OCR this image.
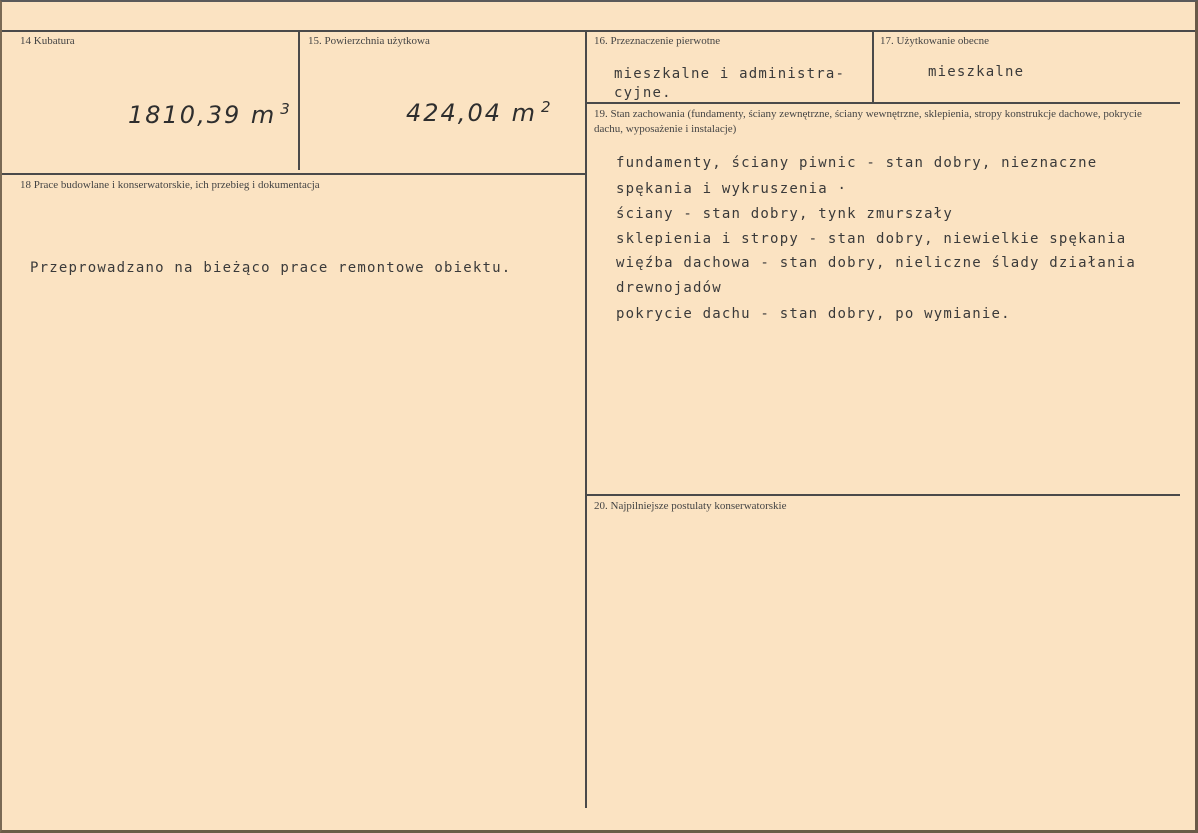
14 Kubatura
1810,39 m $^3$
15. Powierzchnia użytkowa
424,04 m $^2$
16. Przeznaczenie pierwotne
mieszkalne i administra-
cyjne.
17. Użytkowanie obecne
mieszkalne
18 Prace budowlane i konserwatorskie, ich przebieg i dokumentacja
Przeprowadzano na bieżąco prace remontowe obiektu.
19. Stan zachowania (fundamenty, ściany zewnętrzne, ściany wewnętrzne, sklepienia, stropy konstrukcje dachowe, pokrycie dachu, wyposażenie i instalacje)
fundamenty, ściany piwnic - stan dobry, nieznaczne
spękania i wykruszenia ·
ściany - stan dobry, tynk zmurszały
sklepienia i stropy - stan dobry, niewielkie spękania
więźba dachowa - stan dobry, nieliczne ślady działania
drewnojadów
pokrycie dachu - stan dobry, po wymianie.
20. Najpilniejsze postulaty konserwatorskie
